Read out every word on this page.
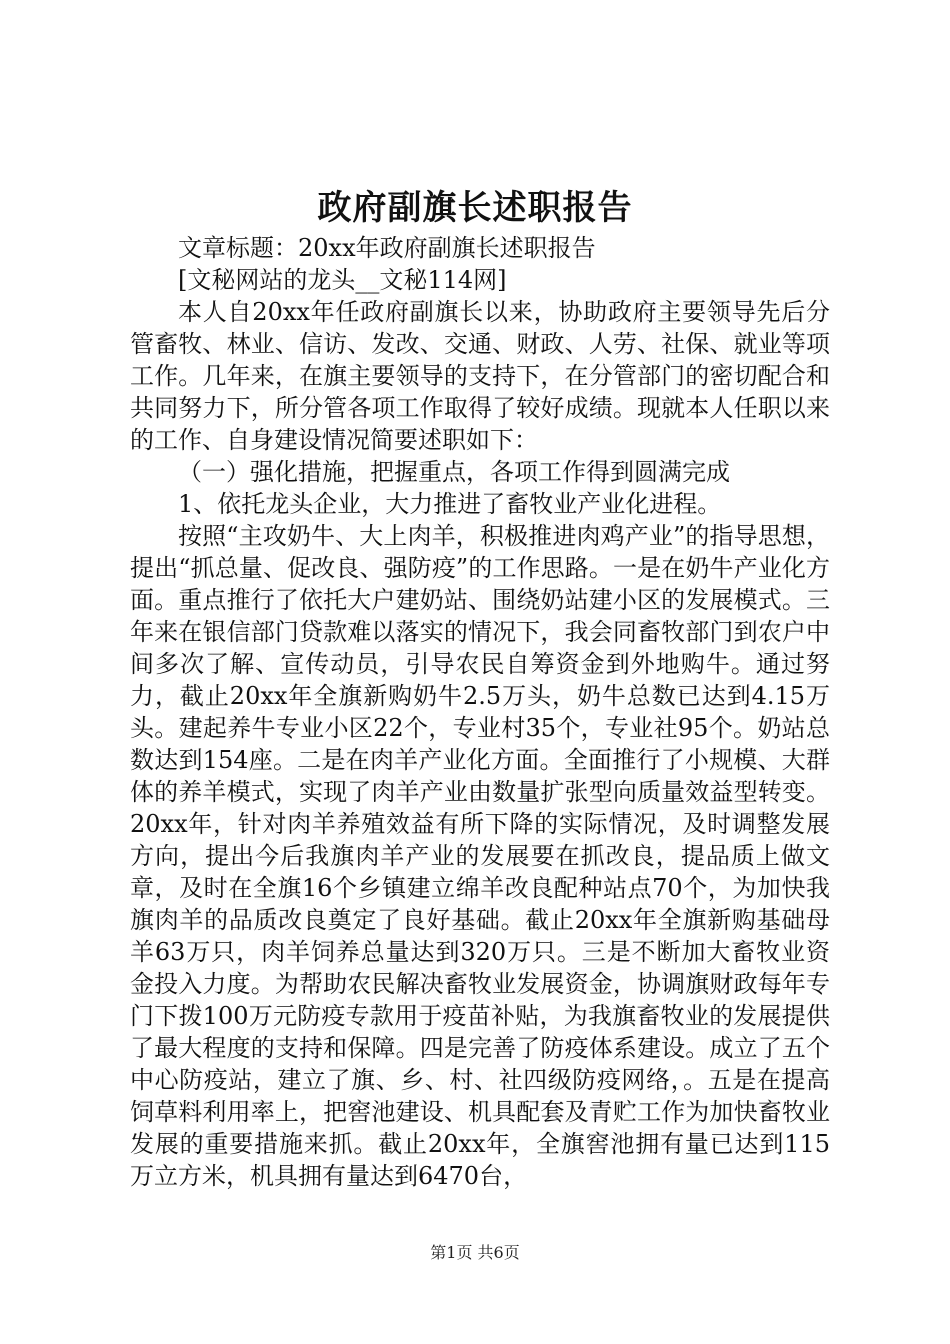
政府副旗长述职报告

文章标题：20xx年政府副旗长述职报告

[文秘网站的龙头__文秘114网]

本人自20xx年任政府副旗长以来，协助政府主要领导先后分管畜牧、林业、信访、发改、交通、财政、人劳、社保、就业等项工作。几年来，在旗主要领导的支持下，在分管部门的密切配合和共同努力下，所分管各项工作取得了较好成绩。现就本人任职以来的工作、自身建设情况简要述职如下：

（一）强化措施，把握重点，各项工作得到圆满完成

1、依托龙头企业，大力推进了畜牧业产业化进程。

按照“主攻奶牛、大上肉羊，积极推进肉鸡产业”的指导思想，提出“抓总量、促改良、强防疫”的工作思路。一是在奶牛产业化方面。重点推行了依托大户建奶站、围绕奶站建小区的发展模式。三年来在银信部门贷款难以落实的情况下，我会同畜牧部门到农户中间多次了解、宣传动员，引导农民自筹资金到外地购牛。通过努力，截止20xx年全旗新购奶牛2.5万头，奶牛总数已达到4.15万头。建起养牛专业小区22个，专业村35个，专业社95个。奶站总数达到154座。二是在肉羊产业化方面。全面推行了小规模、大群体的养羊模式，实现了肉羊产业由数量扩张型向质量效益型转变。20xx年，针对肉羊养殖效益有所下降的实际情况，及时调整发展方向，提出今后我旗肉羊产业的发展要在抓改良，提品质上做文章，及时在全旗16个乡镇建立绵羊改良配种站点70个，为加快我旗肉羊的品质改良奠定了良好基础。截止20xx年全旗新购基础母羊63万只，肉羊饲养总量达到320万只。三是不断加大畜牧业资金投入力度。为帮助农民解决畜牧业发展资金，协调旗财政每年专门下拨100万元防疫专款用于疫苗补贴，为我旗畜牧业的发展提供了最大程度的支持和保障。四是完善了防疫体系建设。成立了五个中心防疫站，建立了旗、乡、村、社四级防疫网络，。五是在提高饲草料利用率上，把窖池建设、机具配套及青贮工作为加快畜牧业发展的重要措施来抓。截止20xx年，全旗窖池拥有量已达到115万立方米，机具拥有量达到6470台，

第1页 共6页
